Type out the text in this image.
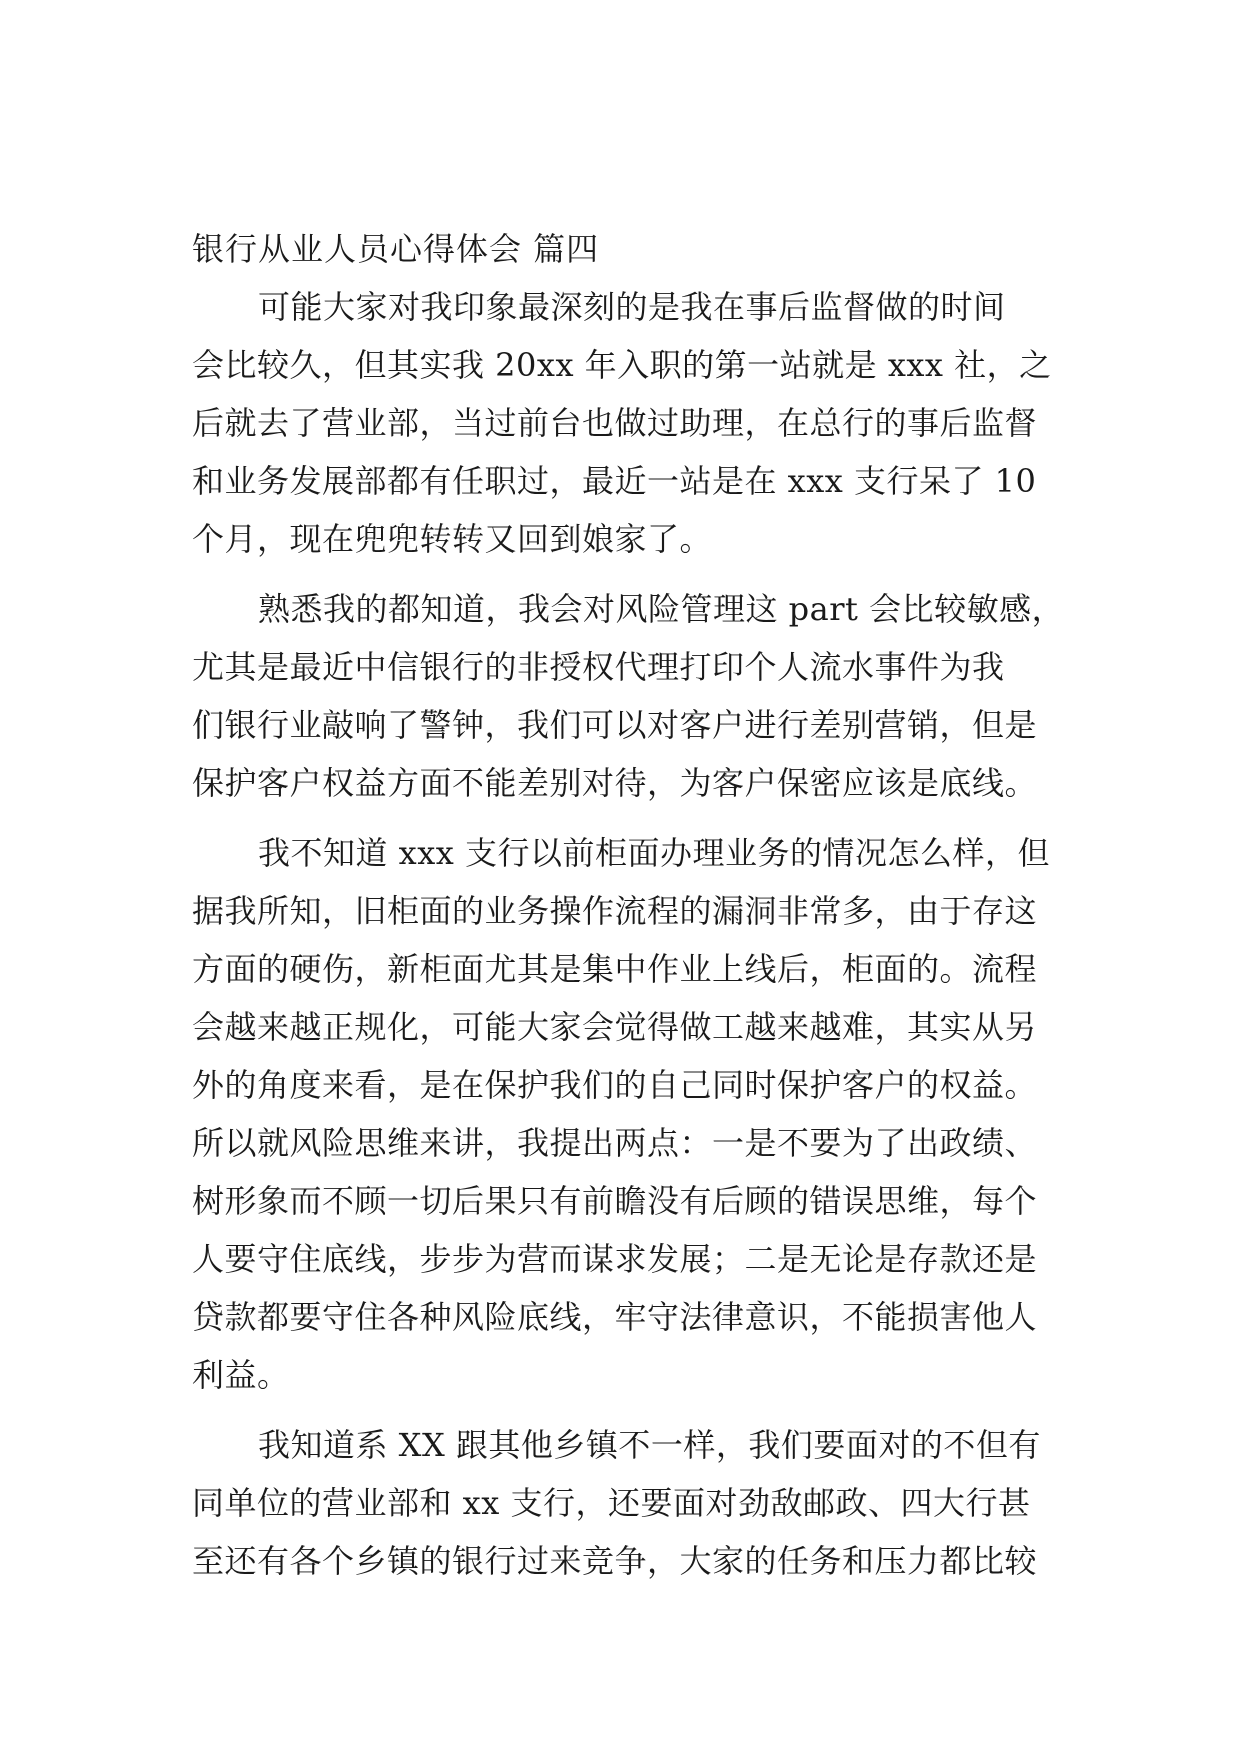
银行从业人员心得体会 篇四
可能大家对我印象最深刻的是我在事后监督做的时间
会比较久，但其实我 20xx 年入职的第一站就是 xxx 社，之
后就去了营业部，当过前台也做过助理，在总行的事后监督
和业务发展部都有任职过，最近一站是在 xxx 支行呆了 10
个月，现在兜兜转转又回到娘家了。
熟悉我的都知道，我会对风险管理这 part 会比较敏感，
尤其是最近中信银行的非授权代理打印个人流水事件为我
们银行业敲响了警钟，我们可以对客户进行差别营销，但是
保护客户权益方面不能差别对待，为客户保密应该是底线。
我不知道 xxx 支行以前柜面办理业务的情况怎么样，但
据我所知，旧柜面的业务操作流程的漏洞非常多，由于存这
方面的硬伤，新柜面尤其是集中作业上线后，柜面的。流程
会越来越正规化，可能大家会觉得做工越来越难，其实从另
外的角度来看，是在保护我们的自己同时保护客户的权益。
所以就风险思维来讲，我提出两点：一是不要为了出政绩、
树形象而不顾一切后果只有前瞻没有后顾的错误思维，每个
人要守住底线，步步为营而谋求发展；二是无论是存款还是
贷款都要守住各种风险底线，牢守法律意识，不能损害他人
利益。
我知道系 XX 跟其他乡镇不一样，我们要面对的不但有
同单位的营业部和 xx 支行，还要面对劲敌邮政、四大行甚
至还有各个乡镇的银行过来竞争，大家的任务和压力都比较
